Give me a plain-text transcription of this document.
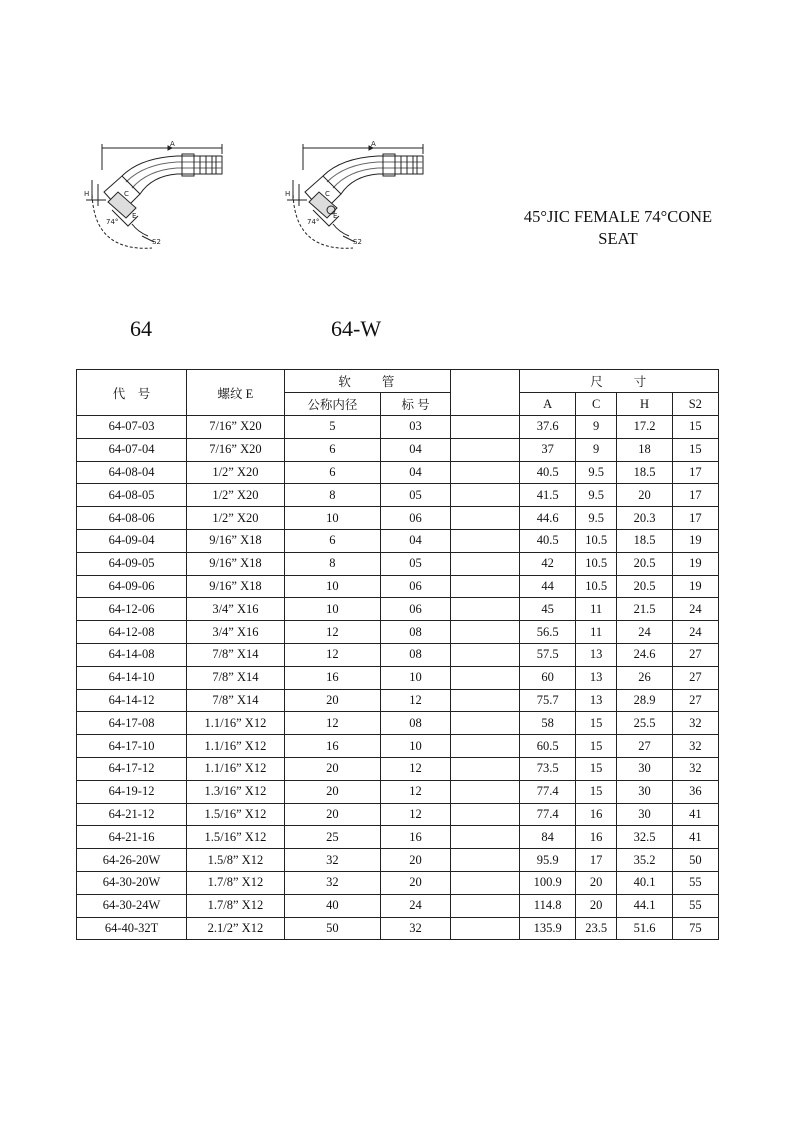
A
H
74°
S2
C
E
A
H
74°
S2
C
E	45°JIC FEMALE 74°CONE
SEAT
64	64-W
代　号	螺纹 E	软　　管			尺　　寸			
		公称内径	标 号		A	C	H	S2
64-07-03	7/16” X20	5	03		37.6	9	17.2	15
64-07-04	7/16” X20	6	04		37	9	18	15
64-08-04	1/2” X20	6	04		40.5	9.5	18.5	17
64-08-05	1/2” X20	8	05		41.5	9.5	20	17
64-08-06	1/2” X20	10	06		44.6	9.5	20.3	17
64-09-04	9/16” X18	6	04		40.5	10.5	18.5	19
64-09-05	9/16” X18	8	05		42	10.5	20.5	19
64-09-06	9/16” X18	10	06		44	10.5	20.5	19
64-12-06	3/4” X16	10	06		45	11	21.5	24
64-12-08	3/4” X16	12	08		56.5	11	24	24
64-14-08	7/8” X14	12	08		57.5	13	24.6	27
64-14-10	7/8” X14	16	10		60	13	26	27
64-14-12	7/8” X14	20	12		75.7	13	28.9	27
64-17-08	1.1/16” X12	12	08		58	15	25.5	32
64-17-10	1.1/16” X12	16	10		60.5	15	27	32
64-17-12	1.1/16” X12	20	12		73.5	15	30	32
64-19-12	1.3/16” X12	20	12		77.4	15	30	36
64-21-12	1.5/16” X12	20	12		77.4	16	30	41
64-21-16	1.5/16” X12	25	16		84	16	32.5	41
64-26-20W	1.5/8” X12	32	20		95.9	17	35.2	50
64-30-20W	1.7/8” X12	32	20		100.9	20	40.1	55
64-30-24W	1.7/8” X12	40	24		114.8	20	44.1	55
64-40-32T	2.1/2” X12	50	32		135.9	23.5	51.6	75
